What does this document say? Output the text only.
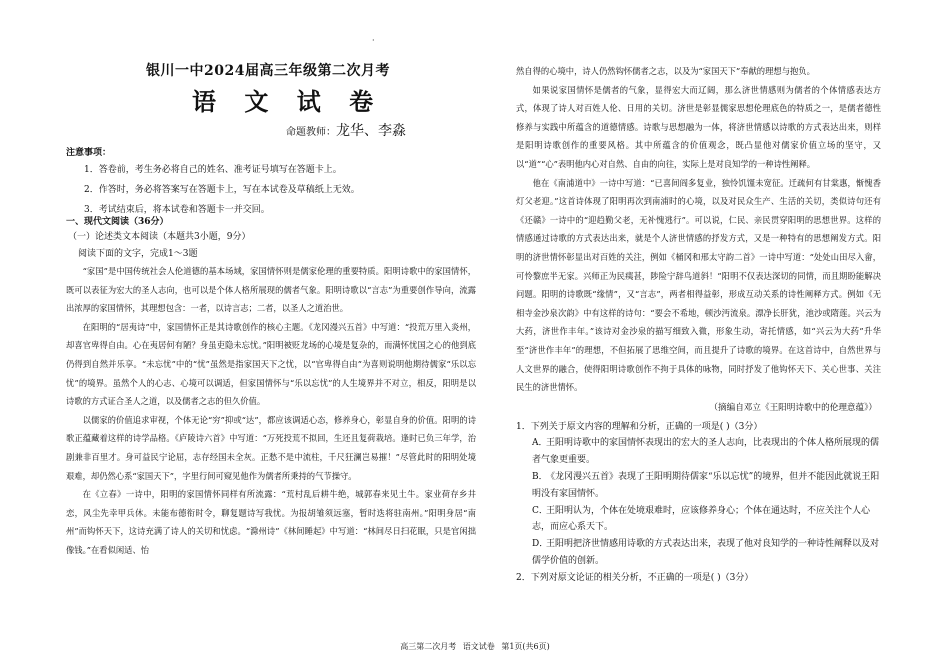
·
银川一中2024届高三年级第二次月考
语 文 试 卷
命题教师：龙华、李淼
注意事项：
1．答卷前，考生务必将自己的姓名、准考证号填写在答题卡上。
2．作答时，务必将答案写在答题卡上，写在本试卷及草稿纸上无效。
3．考试结束后，将本试卷和答题卡一并交回。
一、现代文阅读（36分）
（一）论述类文本阅读（本题共3小题，9分）
阅读下面的文字，完成1～3题

“家国”是中国传统社会人伦道德的基本场域，家国情怀则是儒家伦理的重要特质。阳明诗歌中的家国情怀，既可以表征为宏大的圣人志向，也可以是个体人格所展现的儒者气象。阳明诗歌以“言志”为重要创作导向，流露出浓厚的家国情怀，其理想包含：一者，以诗言志；二者，以圣人之道治世。

在阳明的“居夷诗”中，家国情怀正是其诗歌创作的核心主题。《龙冈漫兴五首》中写道：“投荒万里入炎州，却喜官卑得自由。心在夷居何有陋？身虽吏隐未忘忧。”阳明被贬龙场的心境是复杂的，而满怀忧国之心的他到底仍得到自然并乐享。“未忘忧”中的“忧”虽然是指家国天下之忧，以“官卑得自由”为喜则说明他期待儒家“乐以忘忧”的境界。虽然个人的心志、心境可以调适，但家国情怀与“乐以忘忧”的人生境界并不对立，相反，阳明是以诗歌的方式证合圣人之道，以及儒者之志的但久价值。

以儒家的价值追求审视，个体无论“穷”抑或“达”，都应该调适心态，修养身心，彰显自身的价值。阳明的诗歌正蕴藏着这样的诗学品格。《庐陵诗六首》中写道：“万死投荒不拟回，生还且复荷栽培。逢时已负三年学，治剧兼非百里才。身可益民宁论屈，志存经国未全灰。正愁不是中流柱，千尺狂澜岂易摧！”尽管此时的阳明处境艰难，却仍然心系“家国天下”，字里行间可窥见他作为儒者所秉持的气节操守。

在《立春》一诗中，阳明的家国情怀同样有所流露：“荒村乱后耕牛绝，城郭春来见土牛。家业荷存乡井恋，风尘先幸甲兵休。未能布德衔时令，聊复题诗写我忧。为报胡雏须远塞，暂时迭将驻南州。”阳明身居“南州”而钩怀天下，这诗充满了诗人的关切和忧虑。“滁州诗”《林间睡起》中写道：“林间尽日扫花眠，只是官闲拙像钱。”在看似闲适、怡

然自得的心境中，诗人仍然钩怀儒者之志，以及为“家国天下”奉献的理想与抱负。

如果说家国情怀是儒者的气象，显得宏大而辽阔，那么济世情感则为儒者的个体情感表达方式，体现了诗人对百姓人伦、日用的关切。济世是彰显儒家思想伦理底色的特质之一，是儒者德性修养与实践中所蕴含的道德情感。诗歌与思想融为一体，将济世情感以诗歌的方式表达出来，则样是阳明诗歌创作的重要风格。其中所蕴含的价值观念，既凸显他对儒家价值立场的坚守，又以“道”“心”表明他内心对自然、自由的向往，实际上是对良知学的一种诗性阐释。

他在《南浦道中》一诗中写道：“已喜间阎多复业，独怜饥馑未宽征。迁疏何有甘棠惠，惭愧香灯父老迎。”这首诗体现了阳明再次到南浦时的心境，以及对民众生产、生活的关切，类似诗句还有《还赣》一诗中的“迎趋勤父老，无补愧逃行”。可以说，仁民、亲民贯穿阳明的思想世界。这样的情感通过诗歌的方式表达出来，就是个人济世情感的抒发方式，又是一种特有的思想阐发方式。阳明的济世情怀彰显出对百姓的关注，例如《桶冈和邢太守韵二首》一诗中写道：“处处山田尽入畲，可怜黎庶半无家。兴师正为民痍甚，陟险宁辞鸟道斜！”阳明不仅表达深切的同情，而且期盼能解决问题。阳明的诗歌既“缘情”，又“言志”，两者相得益彰，形成互动关系的诗性阐释方式。例如《无相寺金沙泉次韵》中有这样的诗句：“要会不希地，顿沙沔流泉。漂净长肝犹，池沙或隋莲。兴云为大药，济世作丰年。”该诗对金沙泉的描写细致入微，形象生动，寄托情感，如“兴云为大药”升华至“济世作丰年”的理想，不但拓展了思维空间，而且提升了诗歌的境界。在这首诗中，自然世界与人文世界的融合，使得阳明诗歌创作不拘于具体的咏物，同时抒发了他钩怀天下、关心世事、关注民生的济世情怀。

（摘编自邓立《王阳明诗歌中的伦理意蕴》）

1．下列关于原文内容的理解和分析，正确的一项是( )（3分）

A．王阳明诗歌中的家国情怀表现出的宏大的圣人志向，比表现出的个体人格所展现的儒者气象更重要。

B．《龙冈漫兴五首》表现了王阳明期待儒家“乐以忘忧”的境界，但并不能因此就说王阳明没有家国情怀。

C．王阳明认为，个体在处境艰难时，应该修养身心；个体在通达时，不应关注个人心志，而应心系天下。

D．王阳明把济世情感用诗歌的方式表达出来，表现了他对良知学的一种诗性阐释以及对儒学价值的创新。

2．下列对原文论证的相关分析，不正确的一项是( )（3分）

高三第二次月考 语文试卷 第1页(共6页)
